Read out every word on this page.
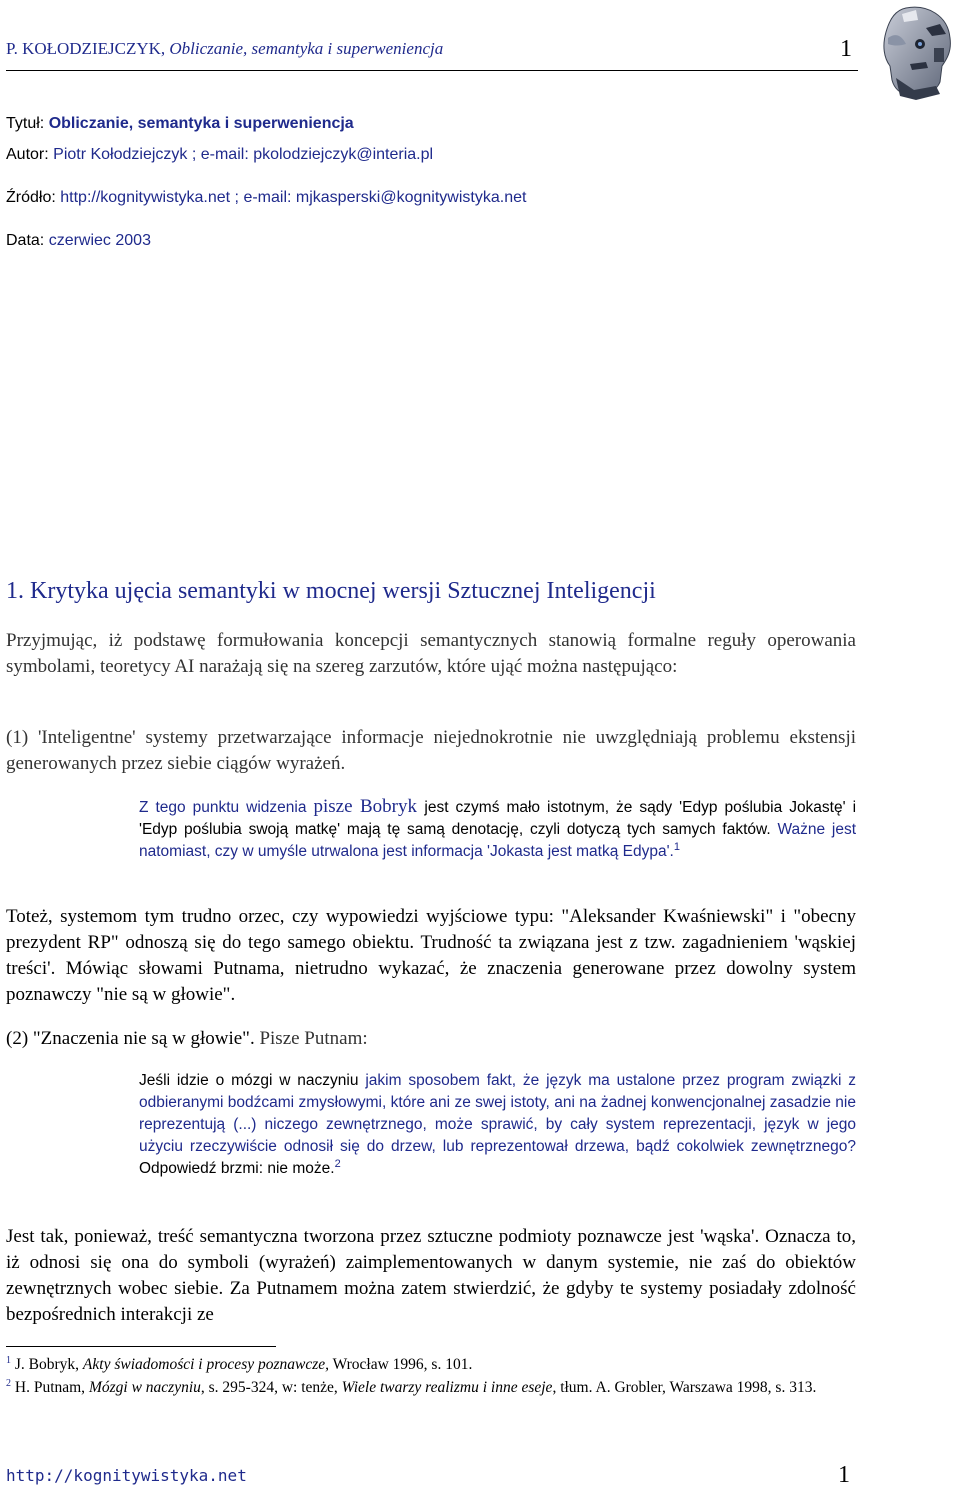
P. KOŁODZIEJCZYK, Obliczanie, semantyka i superweniencja	1
Tytuł: Obliczanie, semantyka i superweniencja
Autor: Piotr Kołodziejczyk ; e-mail: pkolodziejczyk@interia.pl
Źródło: http://kognitywistyka.net ; e-mail: mjkasperski@kognitywistyka.net
Data: czerwiec 2003
1. Krytyka ujęcia semantyki w mocnej wersji Sztucznej Inteligencji

Przyjmując, iż podstawę formułowania koncepcji semantycznych stanowią formalne reguły operowania symbolami, teoretycy AI narażają się na szereg zarzutów, które ująć można następująco:

(1) 'Inteligentne' systemy przetwarzające informacje niejednokrotnie nie uwzględniają problemu ekstensji generowanych przez siebie ciągów wyrażeń.

Z tego punktu widzenia pisze Bobryk jest czymś mało istotnym, że sądy 'Edyp poślubia Jokastę' i 'Edyp poślubia swoją matkę' mają tę samą denotację, czyli dotyczą tych samych faktów. Ważne jest natomiast, czy w umyśle utrwalona jest informacja 'Jokasta jest matką Edypa'.$^1$

Toteż, systemom tym trudno orzec, czy wypowiedzi wyjściowe typu: "Aleksander Kwaśniewski" i "obecny prezydent RP" odnoszą się do tego samego obiektu. Trudność ta związana jest z tzw. zagadnieniem 'wąskiej treści'. Mówiąc słowami Putnama, nietrudno wykazać, że znaczenia generowane przez dowolny system poznawczy "nie są w głowie".

(2) "Znaczenia nie są w głowie". Pisze Putnam:

Jeśli idzie o mózgi w naczyniu jakim sposobem fakt, że język ma ustalone przez program związki z odbieranymi bodźcami zmysłowymi, które ani ze swej istoty, ani na żadnej konwencjonalnej zasadzie nie reprezentują (...) niczego zewnętrznego, może sprawić, by cały system reprezentacji, język w jego użyciu rzeczywiście odnosił się do drzew, lub reprezentował drzewa, bądź cokolwiek zewnętrznego? Odpowiedź brzmi: nie może.$^2$

Jest tak, ponieważ, treść semantyczna tworzona przez sztuczne podmioty poznawcze jest 'wąska'. Oznacza to, iż odnosi się ona do symboli (wyrażeń) zaimplementowanych w danym systemie, nie zaś do obiektów zewnętrznych wobec siebie. Za Putnamem można zatem stwierdzić, że gdyby te systemy posiadały zdolność bezpośrednich interakcji ze

$^1$ J. Bobryk, Akty świadomości i procesy poznawcze, Wrocław 1996, s. 101.

$^2$ H. Putnam, Mózgi w naczyniu, s. 295-324, w: tenże, Wiele twarzy realizmu i inne eseje, tłum. A. Grobler, Warszawa 1998, s. 313.

http://kognitywistyka.net	1
